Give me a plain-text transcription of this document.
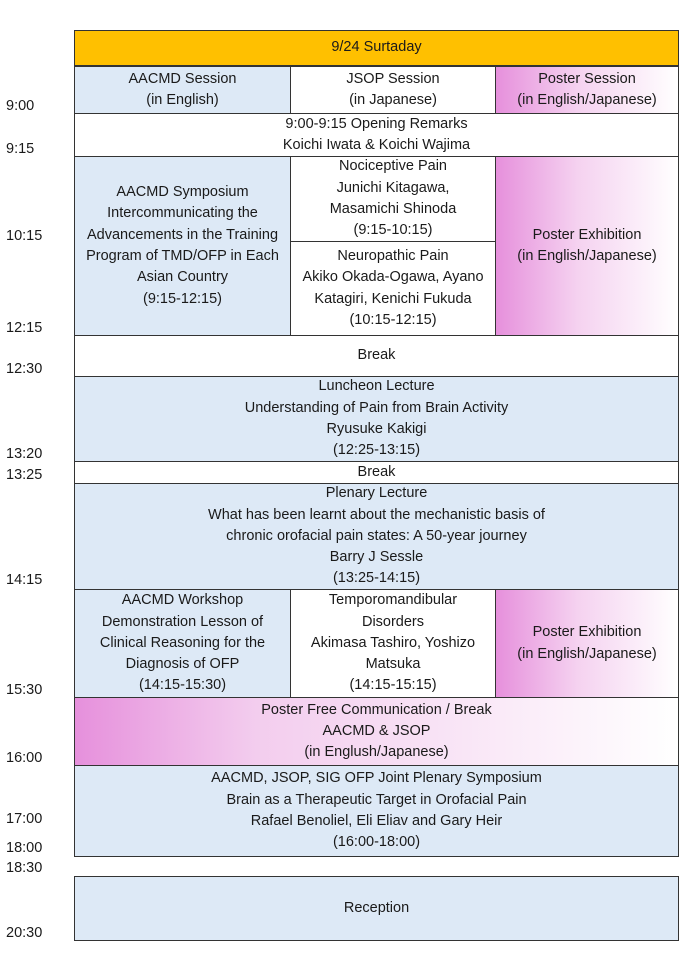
9/24 Surtaday
AACMD Session
(in English)
JSOP Session
(in Japanese)
Poster Session
(in English/Japanese)
9:00-9:15 Opening Remarks
Koichi Iwata & Koichi Wajima
AACMD Symposium
Intercommunicating the
Advancements in the Training
Program of TMD/OFP in Each
Asian Country
(9:15-12:15)
Nociceptive Pain
Junichi Kitagawa,
Masamichi Shinoda
(9:15-10:15)
Neuropathic Pain
Akiko Okada-Ogawa, Ayano
Katagiri, Kenichi Fukuda
(10:15-12:15)
Poster Exhibition
(in English/Japanese)
Break
Luncheon Lecture
Understanding of Pain from Brain Activity
Ryusuke Kakigi
(12:25-13:15)
Break
Plenary Lecture
What has been learnt about the mechanistic basis of
chronic orofacial pain states: A 50-year journey
Barry J Sessle
(13:25-14:15)
AACMD Workshop
Demonstration Lesson of
Clinical Reasoning for the
Diagnosis of OFP
(14:15-15:30)
Temporomandibular
Disorders
Akimasa Tashiro, Yoshizo
Matsuka
(14:15-15:15)
Poster Exhibition
(in English/Japanese)
Poster Free Communication / Break
AACMD & JSOP
(in Englush/Japanese)
AACMD, JSOP, SIG OFP Joint Plenary Symposium
Brain as a Therapeutic Target in Orofacial Pain
Rafael Benoliel, Eli Eliav and Gary Heir
(16:00-18:00)
Reception
9:00
9:15
10:15
12:15
12:30
13:20
13:25
14:15
15:30
16:00
17:00
18:00
18:30
20:30
